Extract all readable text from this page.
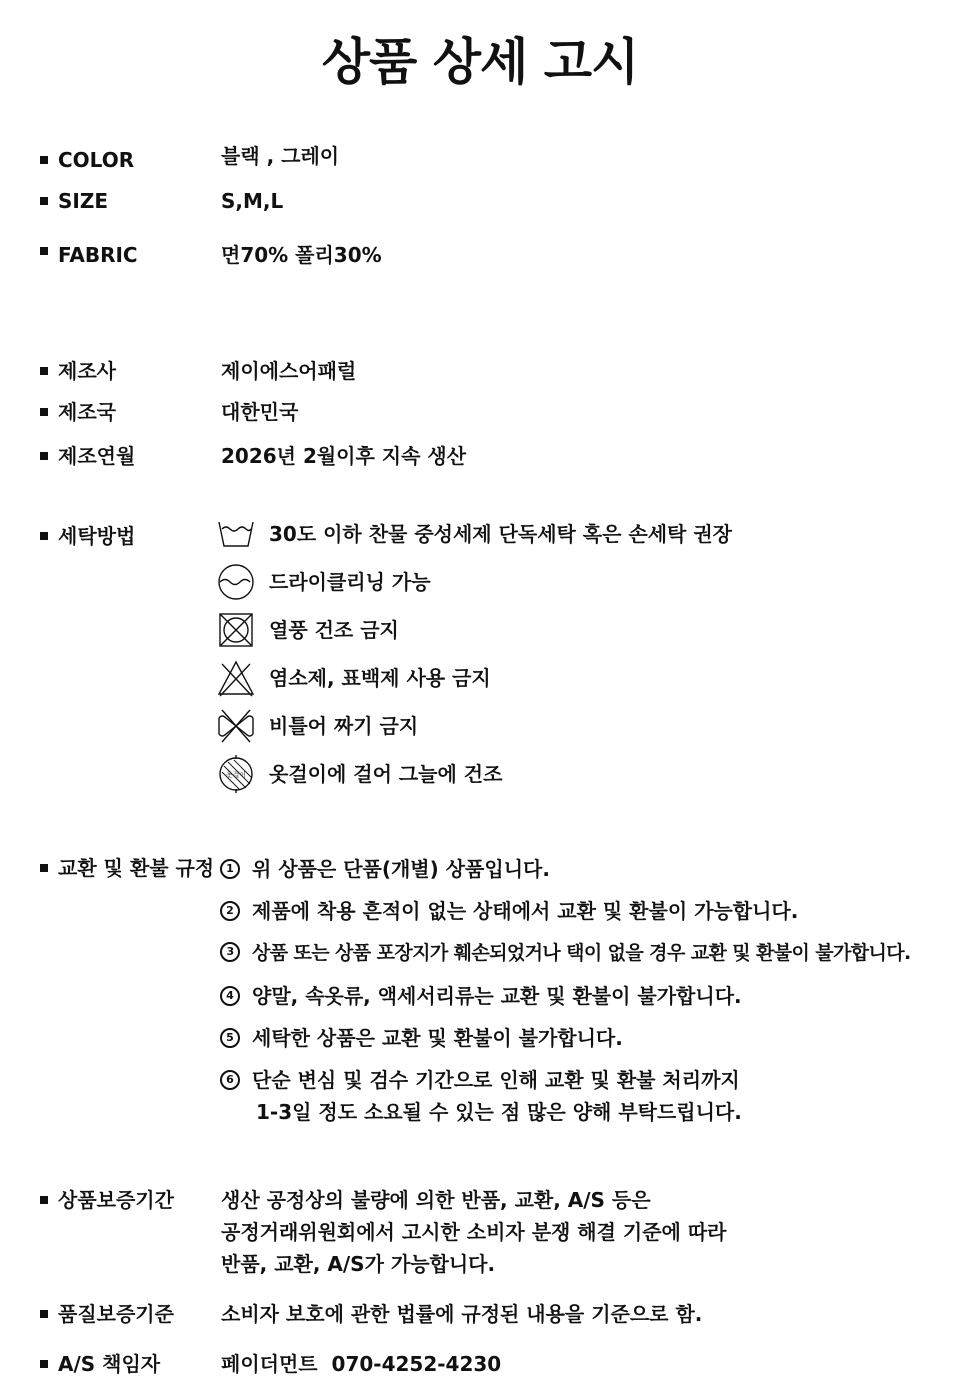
상품 상세 고시
COLOR	블랙 , 그레이
SIZE	S,M,L
FABRIC	면70% 폴리30%
제조사	제이에스어패럴
제조국	대한민국
제조연월	2026년 2월이후 지속 생산
세탁방법	30도 이하 찬물 중성세제 단독세탁 혹은 손세탁 권장
드라이클리닝 가능
열풍 건조 금지
염소제, 표백제 사용 금지
비틀어 짜기 금지
옷걸이 옷걸이에 걸어 그늘에 건조
교환 및 환불 규정	1 위 상품은 단품(개별) 상품입니다.
2 제품에 착용 흔적이 없는 상태에서 교환 및 환불이 가능합니다.
3 상품 또는 상품 포장지가 훼손되었거나 택이 없을 경우 교환 및 환불이 불가합니다.
4 양말, 속옷류, 액세서리류는 교환 및 환불이 불가합니다.
5 세탁한 상품은 교환 및 환불이 불가합니다.
6 단순 변심 및 검수 기간으로 인해 교환 및 환불 처리까지
1-3일 정도 소요될 수 있는 점 많은 양해 부탁드립니다.
상품보증기간 생산 공정상의 불량에 의한 반품, 교환, A/S 등은
공정거래위원회에서 고시한 소비자 분쟁 해결 기준에 따라
반품, 교환, A/S가 가능합니다.
품질보증기준 소비자 보호에 관한 법률에 규정된 내용을 기준으로 함.
A/S 책임자	페이더먼트  070-4252-4230
